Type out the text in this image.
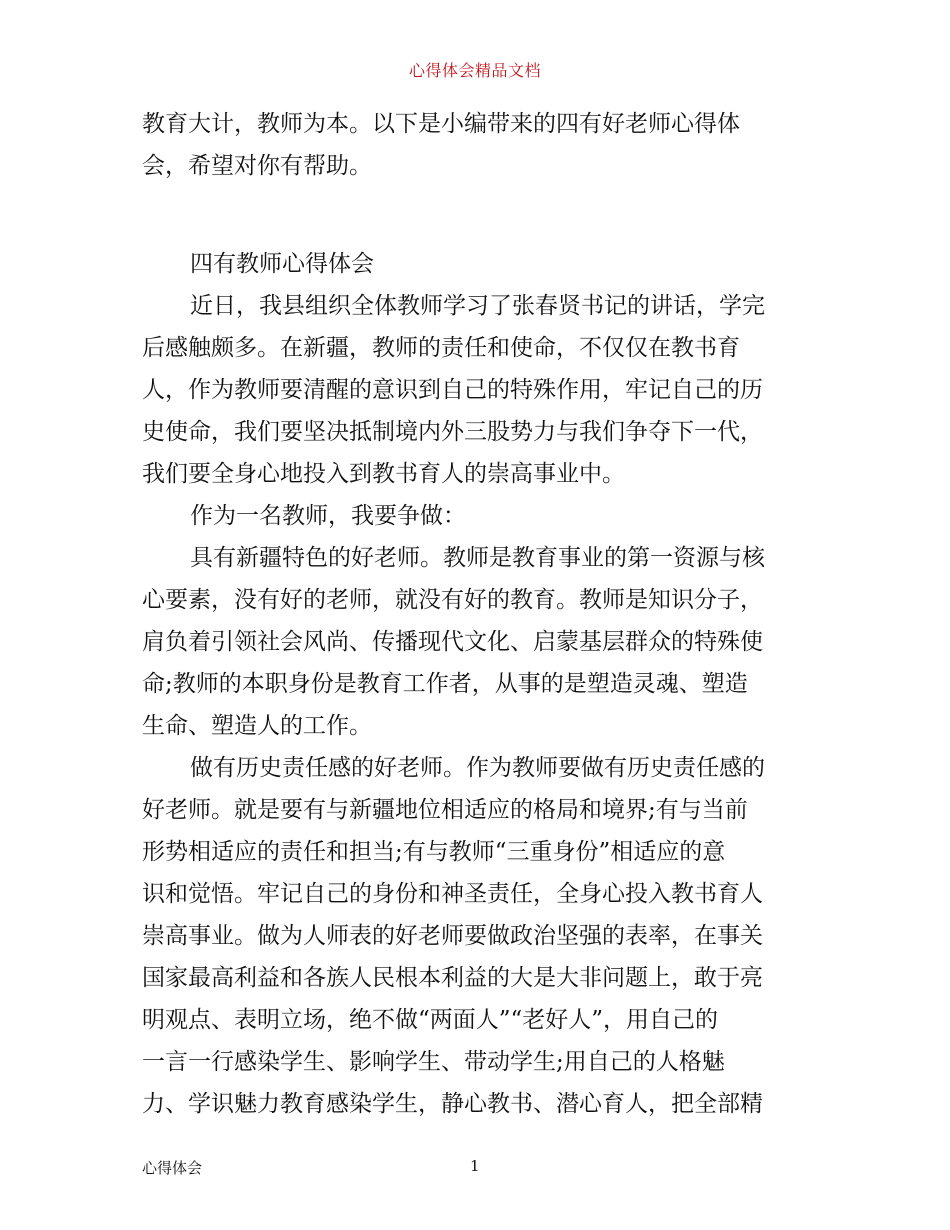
心得体会精品文档
教育大计，教师为本。以下是小编带来的四有好老师心得体
会，希望对你有帮助。
四有教师心得体会
近日，我县组织全体教师学习了张春贤书记的讲话，学完
后感触颇多。在新疆，教师的责任和使命，不仅仅在教书育
人，作为教师要清醒的意识到自己的特殊作用，牢记自己的历
史使命，我们要坚决抵制境内外三股势力与我们争夺下一代，
我们要全身心地投入到教书育人的崇高事业中。
作为一名教师，我要争做：
具有新疆特色的好老师。教师是教育事业的第一资源与核
心要素，没有好的老师，就没有好的教育。教师是知识分子，
肩负着引领社会风尚、传播现代文化、启蒙基层群众的特殊使
命;教师的本职身份是教育工作者，从事的是塑造灵魂、塑造
生命、塑造人的工作。
做有历史责任感的好老师。作为教师要做有历史责任感的
好老师。就是要有与新疆地位相适应的格局和境界;有与当前
形势相适应的责任和担当;有与教师“三重身份”相适应的意
识和觉悟。牢记自己的身份和神圣责任，全身心投入教书育人
崇高事业。做为人师表的好老师要做政治坚强的表率，在事关
国家最高利益和各族人民根本利益的大是大非问题上，敢于亮
明观点、表明立场，绝不做“两面人”“老好人”，用自己的
一言一行感染学生、影响学生、带动学生;用自己的人格魅
力、学识魅力教育感染学生，静心教书、潜心育人，把全部精
心得体会	1
